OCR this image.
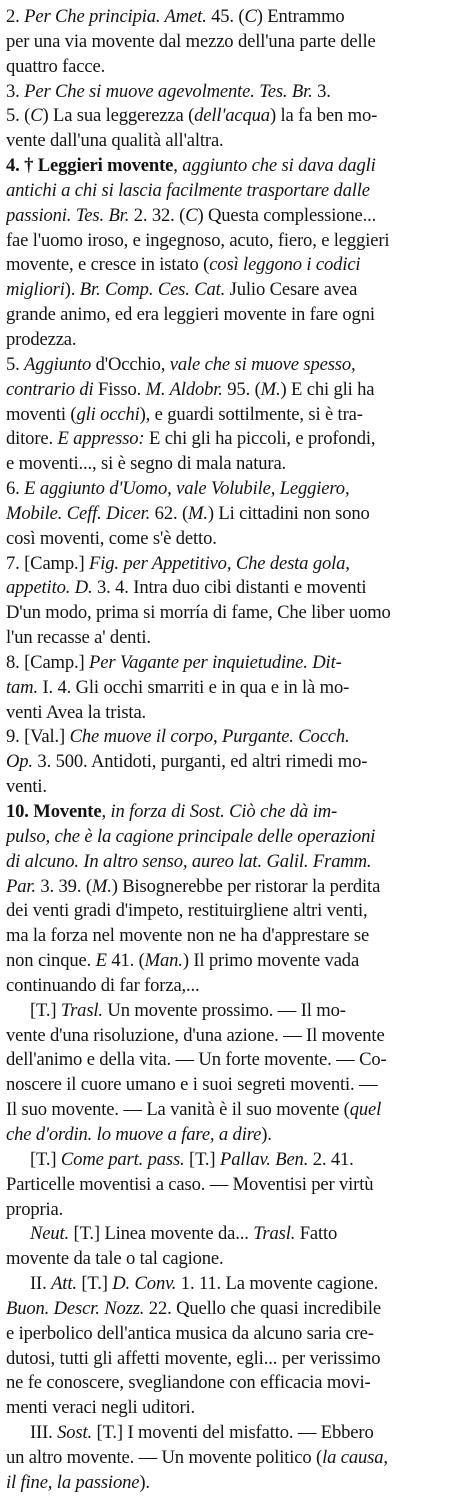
2. Per Che principia. Amet. 45. (C) Entrammo
per una via movente dal mezzo dell'una parte delle
quattro facce.
3. Per Che si muove agevolmente. Tes. Br. 3.
5. (C) La sua leggerezza (dell'acqua) la fa ben mo-
vente dall'una qualità all'altra.
4. † Leggieri movente, aggiunto che si dava dagli
antichi a chi si lascia facilmente trasportare dalle
passioni. Tes. Br. 2. 32. (C) Questa complessione...
fae l'uomo iroso, e ingegnoso, acuto, fiero, e leggieri
movente, e cresce in istato (così leggono i codici
migliori). Br. Comp. Ces. Cat. Julio Cesare avea
grande animo, ed era leggieri movente in fare ogni
prodezza.
5. Aggiunto d'Occhio, vale che si muove spesso,
contrario di Fisso. M. Aldobr. 95. (M.) E chi gli ha
moventi (gli occhi), e guardi sottilmente, si è tra-
ditore. E appresso: E chi gli ha piccoli, e profondi,
e moventi..., si è segno di mala natura.
6. E aggiunto d'Uomo, vale Volubile, Leggiero,
Mobile. Ceff. Dicer. 62. (M.) Li cittadini non sono
così moventi, come s'è detto.
7. [Camp.] Fig. per Appetitivo, Che desta gola,
appetito. D. 3. 4. Intra duo cibi distanti e moventi
D'un modo, prima si morría di fame, Che liber uomo
l'un recasse a' denti.
8. [Camp.] Per Vagante per inquietudine. Dit-
tam. I. 4. Gli occhi smarriti e in qua e in là mo-
venti Avea la trista.
9. [Val.] Che muove il corpo, Purgante. Cocch.
Op. 3. 500. Antidoti, purganti, ed altri rimedi mo-
venti.
10. Movente, in forza di Sost. Ciò che dà im-
pulso, che è la cagione principale delle operazioni
di alcuno. In altro senso, aureo lat. Galil. Framm.
Par. 3. 39. (M.) Bisognerebbe per ristorar la perdita
dei venti gradi d'impeto, restituirgliene altri venti,
ma la forza nel movente non ne ha d'apprestare se
non cinque. E 41. (Man.) Il primo movente vada
continuando di far forza,...
[T.] Trasl. Un movente prossimo. — Il mo-
vente d'una risoluzione, d'una azione. — Il movente
dell'animo e della vita. — Un forte movente. — Co-
noscere il cuore umano e i suoi segreti moventi. —
Il suo movente. — La vanità è il suo movente (quel
che d'ordin. lo muove a fare, a dire).
[T.] Come part. pass. [T.] Pallav. Ben. 2. 41.
Particelle moventisi a caso. — Moventisi per virtù
propria.
Neut. [T.] Linea movente da... Trasl. Fatto
movente da tale o tal cagione.
II. Att. [T.] D. Conv. 1. 11. La movente cagione.
Buon. Descr. Nozz. 22. Quello che quasi incredibile
e iperbolico dell'antica musica da alcuno saria cre-
dutosi, tutti gli affetti movente, egli... per verissimo
ne fe conoscere, svegliandone con efficacia movi-
menti veraci negli uditori.
III. Sost. [T.] I moventi del misfatto. — Ebbero
un altro movente. — Un movente politico (la causa,
il fine, la passione).
